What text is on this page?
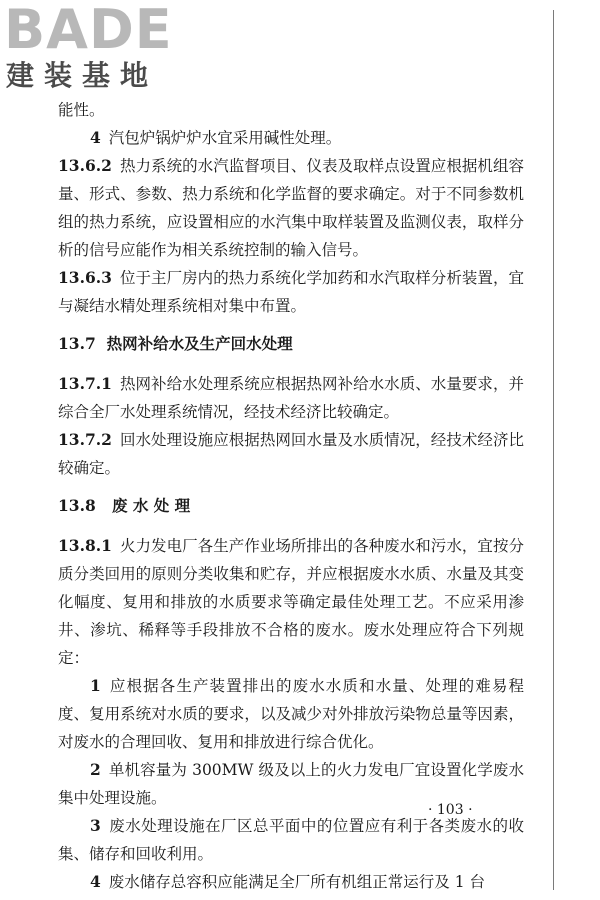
BADE
建装基地

能性。

4 汽包炉锅炉炉水宜采用碱性处理。

13.6.2 热力系统的水汽监督项目、仪表及取样点设置应根据机组容量、形式、参数、热力系统和化学监督的要求确定。对于不同参数机组的热力系统，应设置相应的水汽集中取样装置及监测仪表，取样分析的信号应能作为相关系统控制的输入信号。

13.6.3 位于主厂房内的热力系统化学加药和水汽取样分析装置，宜与凝结水精处理系统相对集中布置。

13.7 热网补给水及生产回水处理

13.7.1 热网补给水处理系统应根据热网补给水水质、水量要求，并综合全厂水处理系统情况，经技术经济比较确定。

13.7.2 回水处理设施应根据热网回水量及水质情况，经技术经济比较确定。

13.8 废 水 处 理

13.8.1 火力发电厂各生产作业场所排出的各种废水和污水，宜按分质分类回用的原则分类收集和贮存，并应根据废水水质、水量及其变化幅度、复用和排放的水质要求等确定最佳处理工艺。不应采用渗井、渗坑、稀释等手段排放不合格的废水。废水处理应符合下列规定：

1 应根据各生产装置排出的废水水质和水量、处理的难易程度、复用系统对水质的要求，以及减少对外排放污染物总量等因素，对废水的合理回收、复用和排放进行综合优化。

2 单机容量为 300MW 级及以上的火力发电厂宜设置化学废水集中处理设施。

3 废水处理设施在厂区总平面中的位置应有利于各类废水的收集、储存和回收利用。

4 废水储存总容积应能满足全厂所有机组正常运行及 1 台

· 103 ·
